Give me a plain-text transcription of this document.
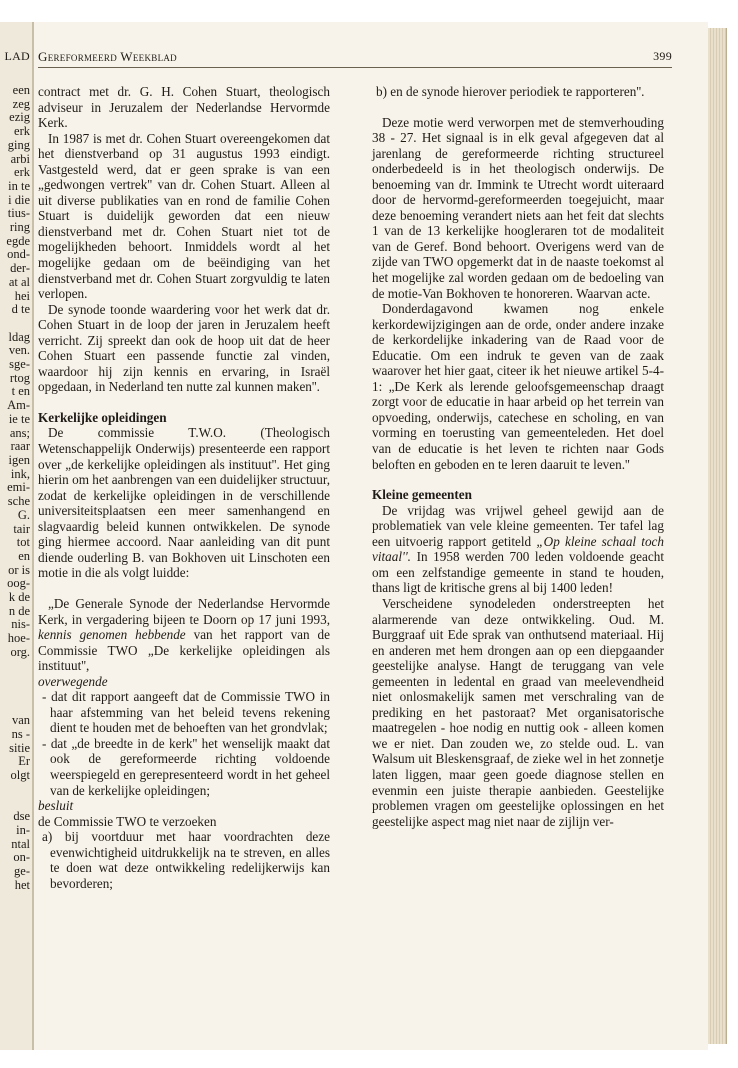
een
zeg
ezig
erk
ging
arbi
erk
in te
i die
tius-
ring
egde
ond-
der-
at al
hei
d te

ldag
ven.
sge-
rtog
t en
Am-
ie te
ans;
raar
igen
ink,
emi-
sche
G.
tair
tot
en
or is
oog-
k de
n de
nis-
hoe-
org.

van
ns -
sitie
Er
olgt

dse
in-
ntal
on-
ge-
het
LAD Gereformeerd Weekblad	399

contract met dr. G. H. Cohen Stuart, theologisch adviseur in Jeruzalem der Nederlandse Hervormde Kerk.

In 1987 is met dr. Cohen Stuart overeengekomen dat het dienstverband op 31 augustus 1993 eindigt. Vastgesteld werd, dat er geen sprake is van een „gedwongen vertrek'' van dr. Cohen Stuart. Alleen al uit diverse publikaties van en rond de familie Cohen Stuart is duidelijk geworden dat een nieuw dienstverband met dr. Cohen Stuart niet tot de mogelijkheden behoort. Inmiddels wordt al het mogelijke gedaan om de beëindiging van het dienstverband met dr. Cohen Stuart zorgvuldig te laten verlopen.

De synode toonde waardering voor het werk dat dr. Cohen Stuart in de loop der jaren in Jeruzalem heeft verricht. Zij spreekt dan ook de hoop uit dat de heer Cohen Stuart een passende functie zal vinden, waardoor hij zijn kennis en ervaring, in Israël opgedaan, in Nederland ten nutte zal kunnen maken''.

Kerkelijke opleidingen

De commissie T.W.O. (Theologisch Wetenschappelijk Onderwijs) presenteerde een rapport over „de kerkelijke opleidingen als instituut''. Het ging hierin om het aanbrengen van een duidelijker structuur, zodat de kerkelijke opleidingen in de verschillende universiteitsplaatsen een meer samenhangend en slagvaardig beleid kunnen ontwikkelen. De synode ging hiermee accoord. Naar aanleiding van dit punt diende ouderling B. van Bokhoven uit Linschoten een motie in die als volgt luidde:

„De Generale Synode der Nederlandse Hervormde Kerk, in vergadering bijeen te Doorn op 17 juni 1993, kennis genomen hebbende van het rapport van de Commissie TWO „De kerkelijke opleidingen als instituut'',

overwegende

- dat dit rapport aangeeft dat de Commissie TWO in haar afstemming van het beleid tevens rekening dient te houden met de behoeften van het grondvlak;

- dat „de breedte in de kerk'' het wenselijk maakt dat ook de gereformeerde richting voldoende weerspiegeld en gerepresenteerd wordt in het geheel van de kerkelijke opleidingen;

besluit

de Commissie TWO te verzoeken

a) bij voortduur met haar voordrachten deze evenwichtigheid uitdrukkelijk na te streven, en alles te doen wat deze ontwikkeling redelijkerwijs kan bevorderen;

b) en de synode hierover periodiek te rapporteren''.

Deze motie werd verworpen met de stemverhouding 38 - 27. Het signaal is in elk geval afgegeven dat al jarenlang de gereformeerde richting structureel onderbedeeld is in het theologisch onderwijs. De benoeming van dr. Immink te Utrecht wordt uiteraard door de hervormd-gereformeerden toegejuicht, maar deze benoeming verandert niets aan het feit dat slechts 1 van de 13 kerkelijke hoogleraren tot de modaliteit van de Geref. Bond behoort. Overigens werd van de zijde van TWO opgemerkt dat in de naaste toekomst al het mogelijke zal worden gedaan om de bedoeling van de motie-Van Bokhoven te honoreren. Waarvan acte.

Donderdagavond kwamen nog enkele kerkordewijzigingen aan de orde, onder andere inzake de kerkordelijke inkadering van de Raad voor de Educatie. Om een indruk te geven van de zaak waarover het hier gaat, citeer ik het nieuwe artikel 5-4-1: „De Kerk als lerende geloofsgemeenschap draagt zorgt voor de educatie in haar arbeid op het terrein van opvoeding, onderwijs, catechese en scholing, en van vorming en toerusting van gemeenteleden. Het doel van de educatie is het leven te richten naar Gods beloften en geboden en te leren daaruit te leven.''

Kleine gemeenten

De vrijdag was vrijwel geheel gewijd aan de problematiek van vele kleine gemeenten. Ter tafel lag een uitvoerig rapport getiteld „Op kleine schaal toch vitaal''. In 1958 werden 700 leden voldoende geacht om een zelfstandige gemeente in stand te houden, thans ligt de kritische grens al bij 1400 leden!

Verscheidene synodeleden onderstreepten het alarmerende van deze ontwikkeling. Oud. M. Burggraaf uit Ede sprak van onthutsend materiaal. Hij en anderen met hem drongen aan op een diepgaander geestelijke analyse. Hangt de teruggang van vele gemeenten in ledental en graad van meelevendheid niet onlosmakelijk samen met verschraling van de prediking en het pastoraat? Met organisatorische maatregelen - hoe nodig en nuttig ook - alleen komen we er niet. Dan zouden we, zo stelde oud. L. van Walsum uit Bleskensgraaf, de zieke wel in het zonnetje laten liggen, maar geen goede diagnose stellen en evenmin een juiste therapie aanbieden. Geestelijke problemen vragen om geestelijke oplossingen en het geestelijke aspect mag niet naar de zijlijn ver-
